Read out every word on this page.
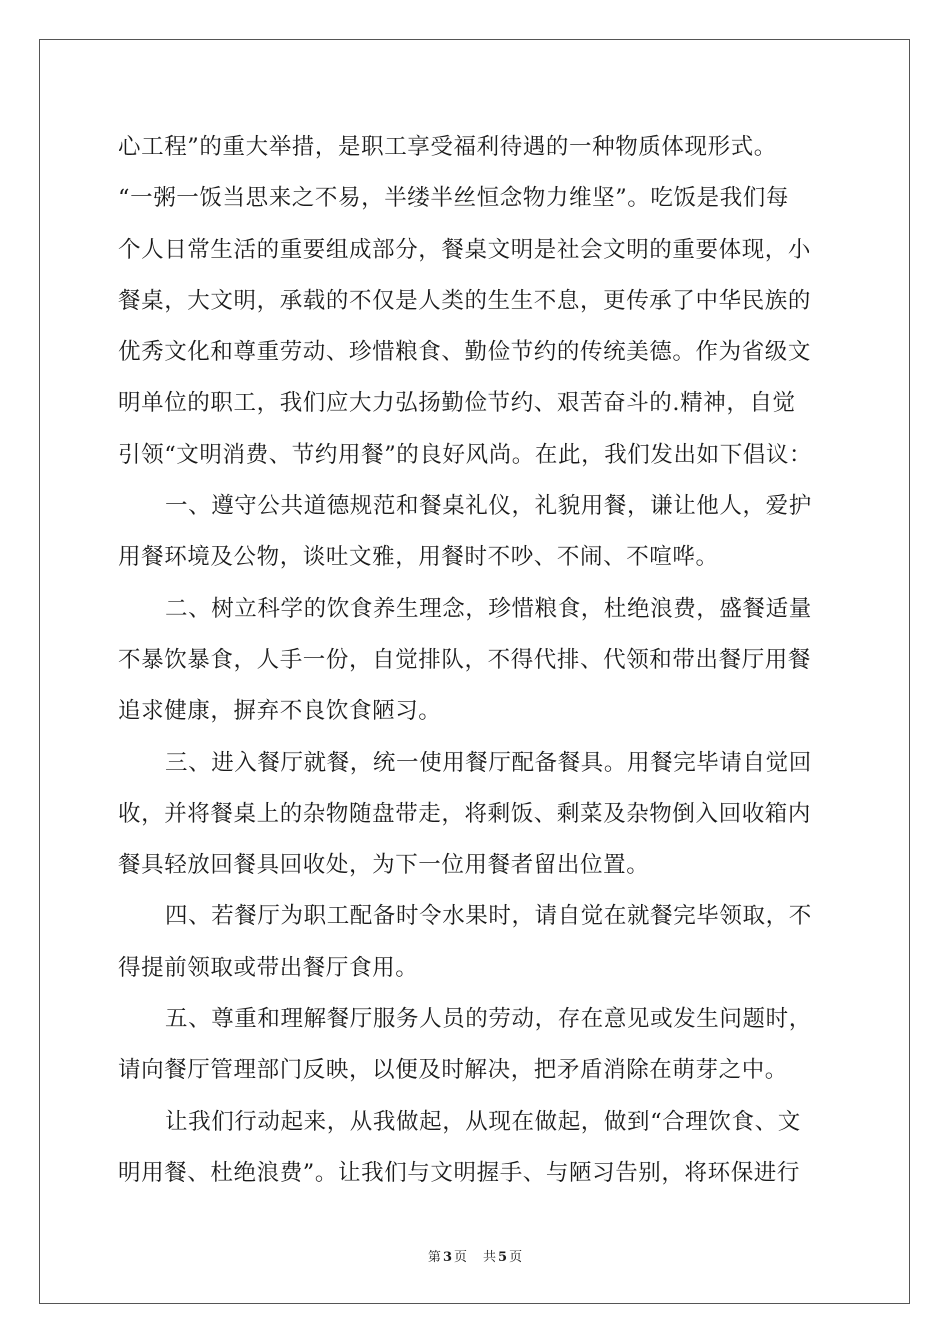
心工程”的重大举措，是职工享受福利待遇的一种物质体现形式。
“一粥一饭当思来之不易，半缕半丝恒念物力维坚”。吃饭是我们每
个人日常生活的重要组成部分，餐桌文明是社会文明的重要体现，小
餐桌，大文明，承载的不仅是人类的生生不息，更传承了中华民族的
优秀文化和尊重劳动、珍惜粮食、勤俭节约的传统美德。作为省级文
明单位的职工，我们应大力弘扬勤俭节约、艰苦奋斗的.精神，自觉
引领“文明消费、节约用餐”的良好风尚。在此，我们发出如下倡议：
一、遵守公共道德规范和餐桌礼仪，礼貌用餐，谦让他人，爱护
用餐环境及公物，谈吐文雅，用餐时不吵、不闹、不喧哗。
二、树立科学的饮食养生理念，珍惜粮食，杜绝浪费，盛餐适量
不暴饮暴食，人手一份，自觉排队，不得代排、代领和带出餐厅用餐
追求健康，摒弃不良饮食陋习。
三、进入餐厅就餐，统一使用餐厅配备餐具。用餐完毕请自觉回
收，并将餐桌上的杂物随盘带走，将剩饭、剩菜及杂物倒入回收箱内
餐具轻放回餐具回收处，为下一位用餐者留出位置。
四、若餐厅为职工配备时令水果时，请自觉在就餐完毕领取，不
得提前领取或带出餐厅食用。
五、尊重和理解餐厅服务人员的劳动，存在意见或发生问题时，
请向餐厅管理部门反映，以便及时解决，把矛盾消除在萌芽之中。
让我们行动起来，从我做起，从现在做起，做到“合理饮食、文
明用餐、杜绝浪费”。让我们与文明握手、与陋习告别，将环保进行
第 3 页 共 5 页
